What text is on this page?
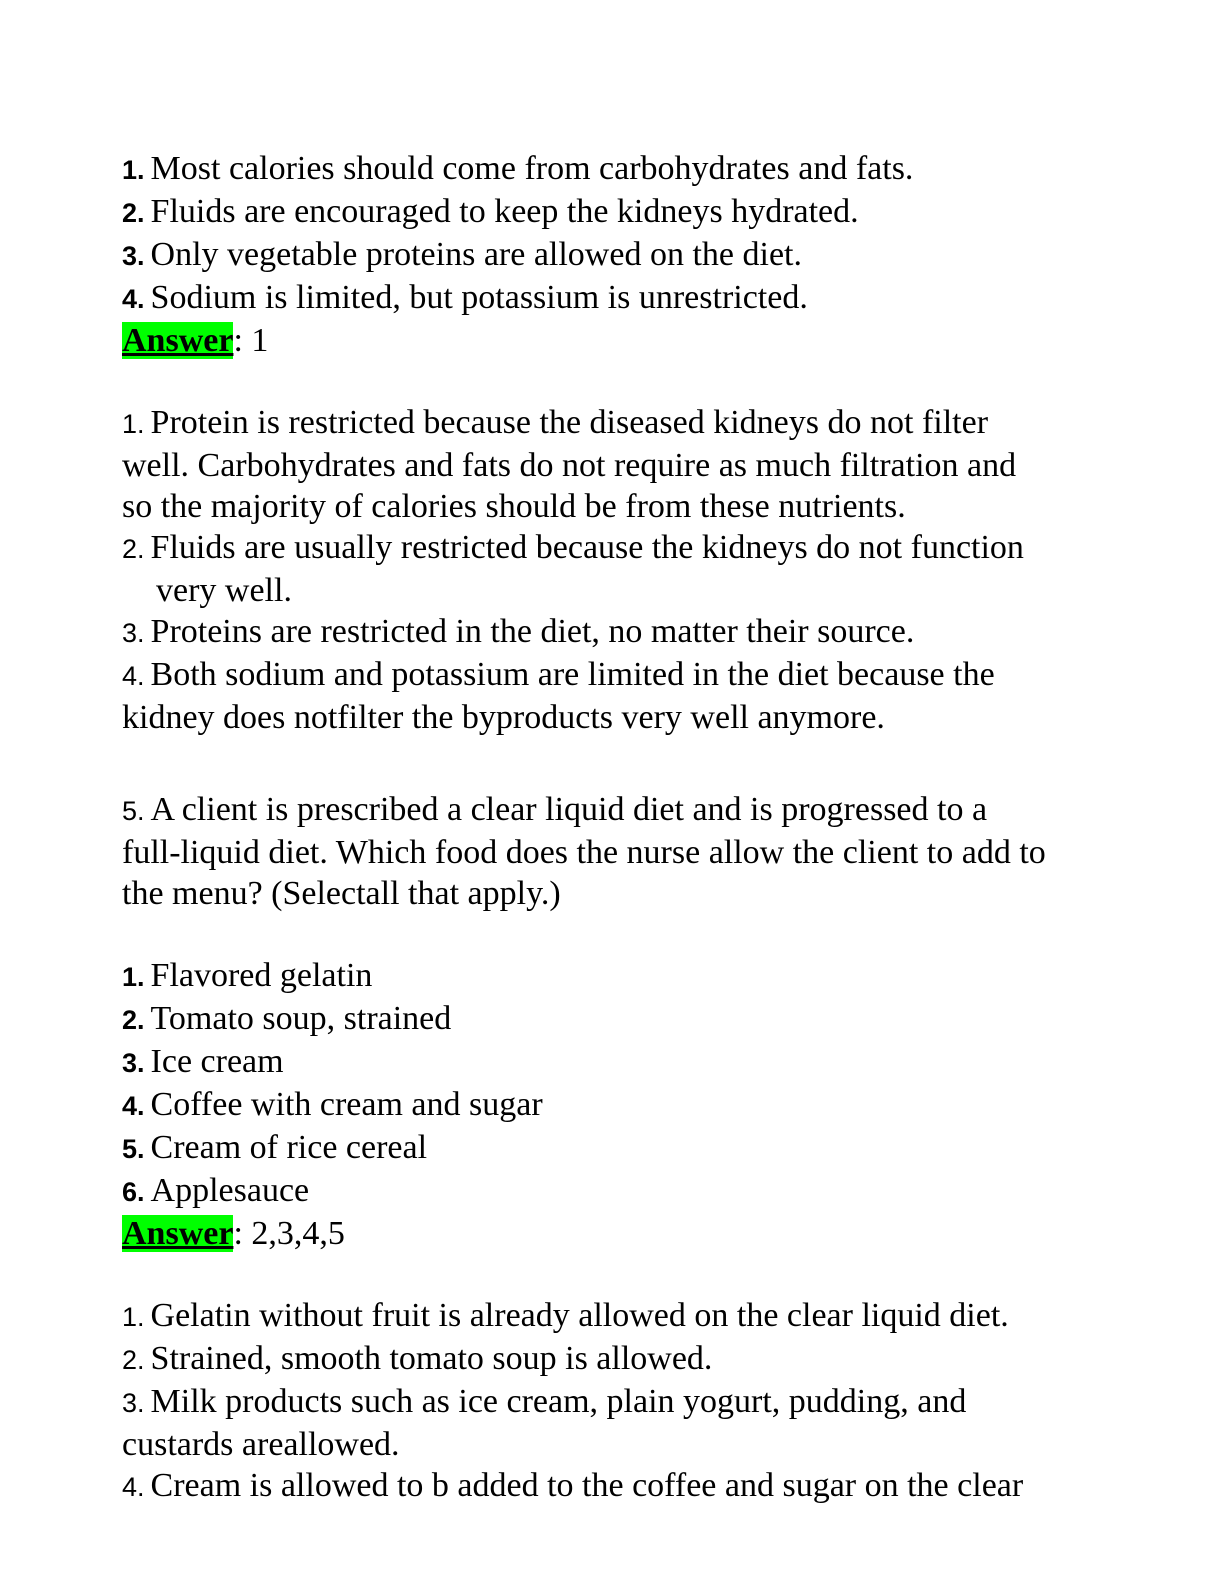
1. Most calories should come from carbohydrates and fats.

2. Fluids are encouraged to keep the kidneys hydrated.

3. Only vegetable proteins are allowed on the diet.

4. Sodium is limited, but potassium is unrestricted.

Answer: 1

1. Protein is restricted because the diseased kidneys do not filter

well. Carbohydrates and fats do not require as much filtration and

so the majority of calories should be from these nutrients.

2. Fluids are usually restricted because the kidneys do not function

very well.

3. Proteins are restricted in the diet, no matter their source.

4. Both sodium and potassium are limited in the diet because the

kidney does notfilter the byproducts very well anymore.

5. A client is prescribed a clear liquid diet and is progressed to a

full-liquid diet. Which food does the nurse allow the client to add to

the menu? (Selectall that apply.)

1. Flavored gelatin

2. Tomato soup, strained

3. Ice cream

4. Coffee with cream and sugar

5. Cream of rice cereal

6. Applesauce

Answer: 2,3,4,5

1. Gelatin without fruit is already allowed on the clear liquid diet.

2. Strained, smooth tomato soup is allowed.

3. Milk products such as ice cream, plain yogurt, pudding, and

custards areallowed.

4. Cream is allowed to b added to the coffee and sugar on the clear
